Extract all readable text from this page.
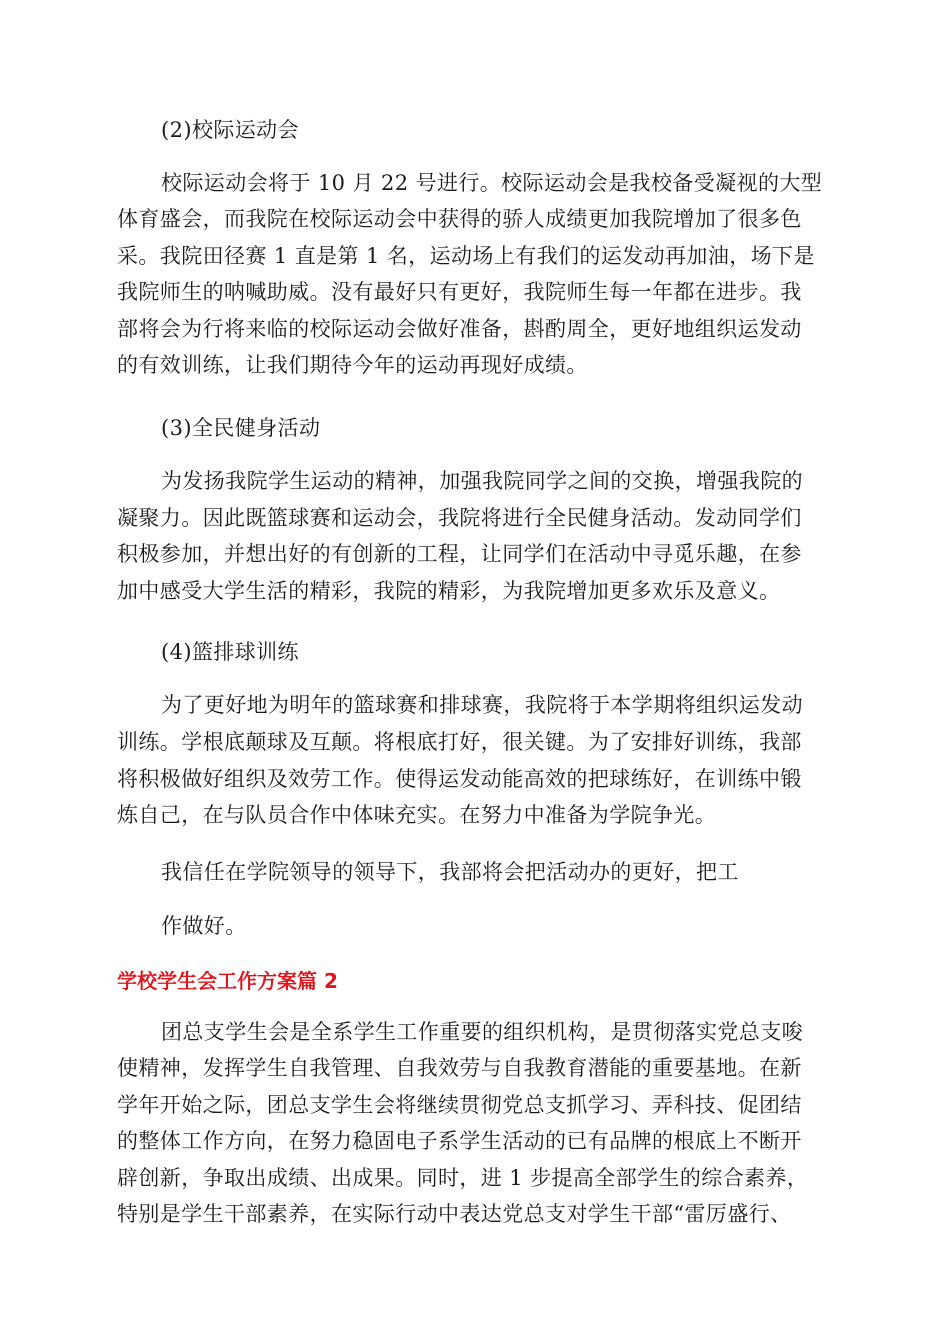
(2)校际运动会
校际运动会将于 10 月 22 号进行。校际运动会是我校备受凝视的大型
体育盛会，而我院在校际运动会中获得的骄人成绩更加我院增加了很多色
采。我院田径赛 1 直是第 1 名，运动场上有我们的运发动再加油，场下是
我院师生的呐喊助威。没有最好只有更好，我院师生每一年都在进步。我
部将会为行将来临的校际运动会做好准备，斟酌周全，更好地组织运发动
的有效训练，让我们期待今年的运动再现好成绩。
(3)全民健身活动
为发扬我院学生运动的精神，加强我院同学之间的交换，增强我院的
凝聚力。因此既篮球赛和运动会，我院将进行全民健身活动。发动同学们
积极参加，并想出好的有创新的工程，让同学们在活动中寻觅乐趣，在参
加中感受大学生活的精彩，我院的精彩，为我院增加更多欢乐及意义。
(4)篮排球训练
为了更好地为明年的篮球赛和排球赛，我院将于本学期将组织运发动
训练。学根底颠球及互颠。将根底打好，很关键。为了安排好训练，我部
将积极做好组织及效劳工作。使得运发动能高效的把球练好，在训练中锻
炼自己，在与队员合作中体味充实。在努力中准备为学院争光。
我信任在学院领导的领导下，我部将会把活动办的更好，把工
作做好。
学校学生会工作方案篇 2
团总支学生会是全系学生工作重要的组织机构，是贯彻落实党总支唆
使精神，发挥学生自我管理、自我效劳与自我教育潜能的重要基地。在新
学年开始之际，团总支学生会将继续贯彻党总支抓学习、弄科技、促团结
的整体工作方向，在努力稳固电子系学生活动的已有品牌的根底上不断开
辟创新，争取出成绩、出成果。同时，进 1 步提高全部学生的综合素养，
特别是学生干部素养，在实际行动中表达党总支对学生干部“雷厉盛行、
